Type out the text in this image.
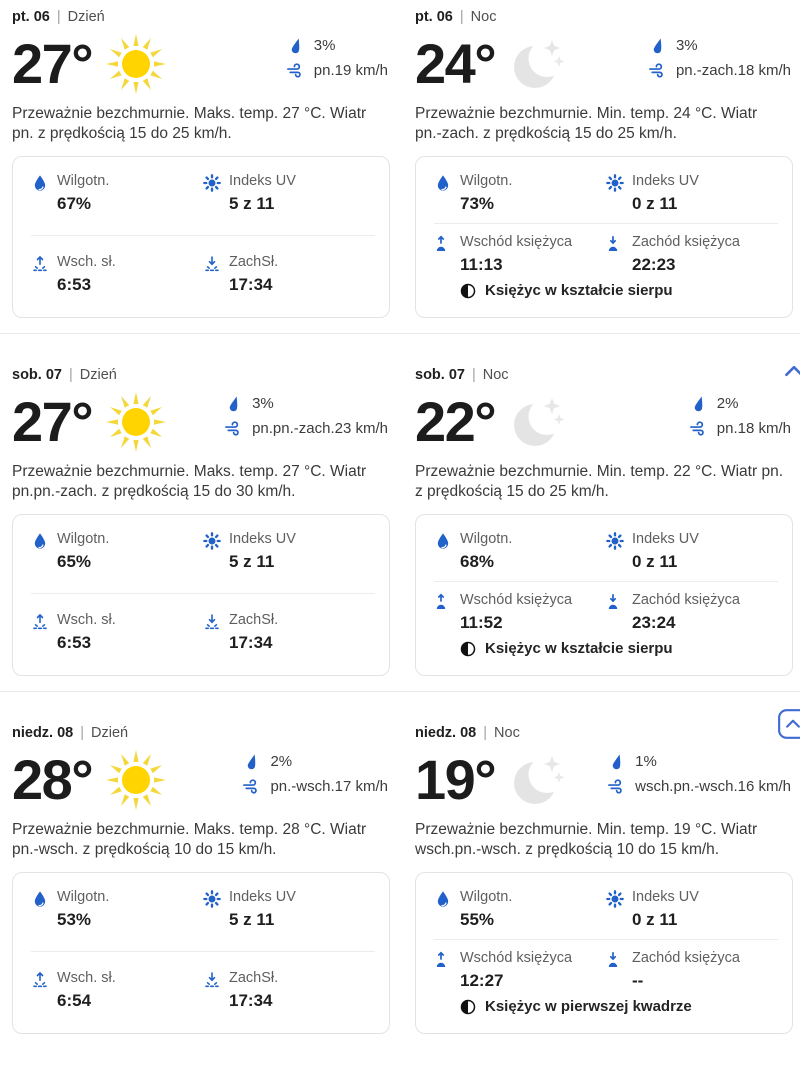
pt. 06 | Dzień
27°	3%
pn.19 km/h

Przeważnie bezchmurnie. Maks. temp. 27 °C. Wiatr pn. z prędkością 15 do 25 km/h.

Wilgotn.
67%
Indeks UV
5 z 11
Wsch. sł.
6:53
ZachSł.
17:34
pt. 06 | Noc
24°	3%
pn.-zach.18 km/h

Przeważnie bezchmurnie. Min. temp. 24 °C. Wiatr pn.-zach. z prędkością 15 do 25 km/h.

Wilgotn.
73%
Indeks UV
0 z 11
Wschód księżyca
11:13
Zachód księżyca
22:23
Księżyc w kształcie sierpu
sob. 07 | Dzień
27°	3%
pn.pn.-zach.23 km/h

Przeważnie bezchmurnie. Maks. temp. 27 °C. Wiatr pn.pn.-zach. z prędkością 15 do 30 km/h.

Wilgotn.
65%
Indeks UV
5 z 11
Wsch. sł.
6:53
ZachSł.
17:34
sob. 07 | Noc
22°	2%
pn.18 km/h

Przeważnie bezchmurnie. Min. temp. 22 °C. Wiatr pn. z prędkością 15 do 25 km/h.

Wilgotn.
68%
Indeks UV
0 z 11
Wschód księżyca
11:52
Zachód księżyca
23:24
Księżyc w kształcie sierpu
niedz. 08 | Dzień
28°	2%
pn.-wsch.17 km/h

Przeważnie bezchmurnie. Maks. temp. 28 °C. Wiatr pn.-wsch. z prędkością 10 do 15 km/h.

Wilgotn.
53%
Indeks UV
5 z 11
Wsch. sł.
6:54
ZachSł.
17:34
niedz. 08 | Noc
19°	1%
wsch.pn.-wsch.16 km/h

Przeważnie bezchmurnie. Min. temp. 19 °C. Wiatr wsch.pn.-wsch. z prędkością 10 do 15 km/h.

Wilgotn.
55%
Indeks UV
0 z 11
Wschód księżyca
12:27
Zachód księżyca
--
Księżyc w pierwszej kwadrze
